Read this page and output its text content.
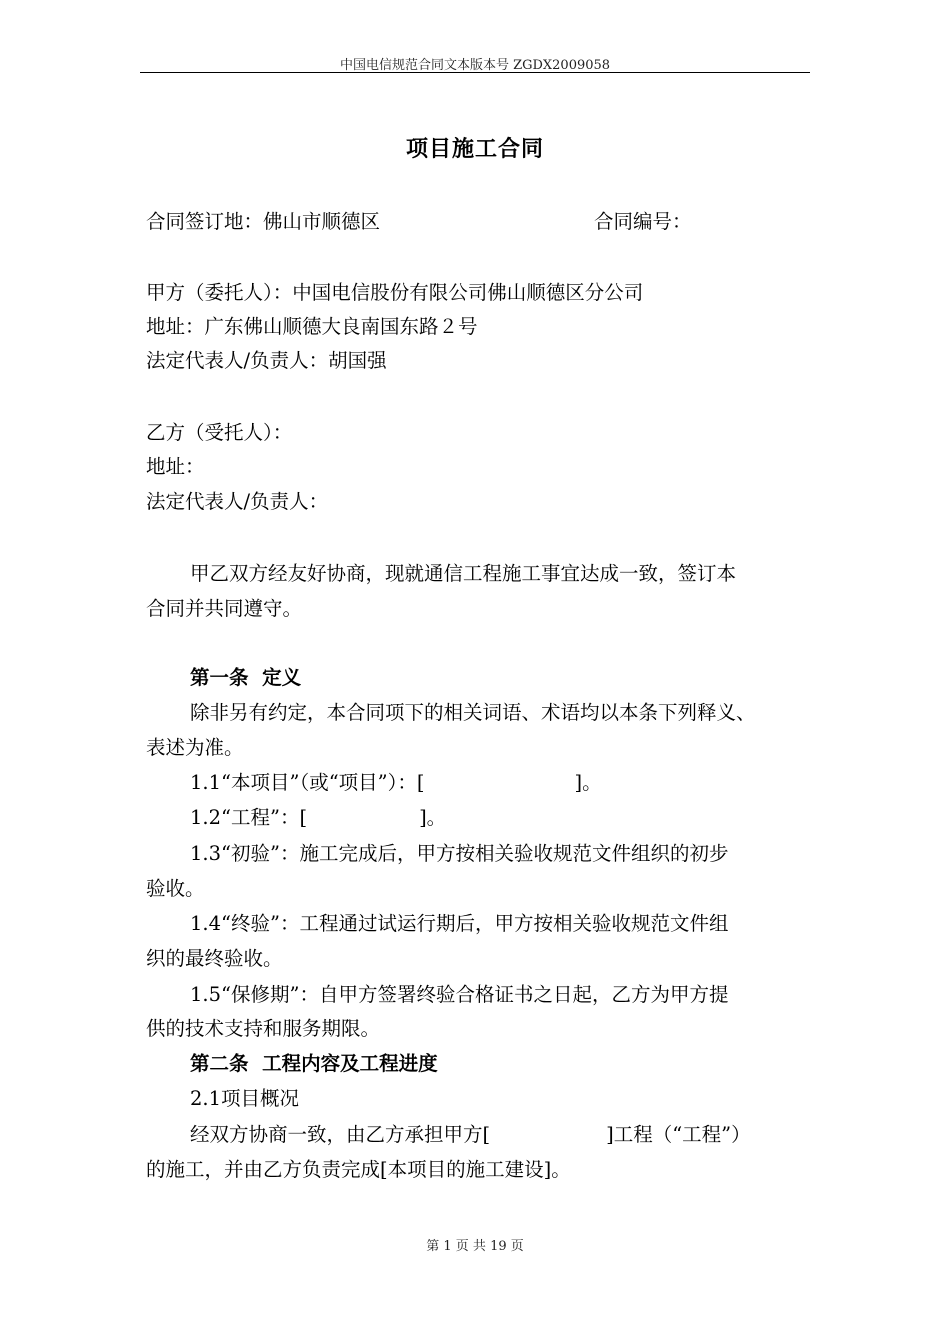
中国电信规范合同文本版本号 ZGDX2009058
项目施工合同
合同签订地：佛山市顺德区	合同编号：
甲方（委托人）：中国电信股份有限公司佛山顺德区分公司
地址：广东佛山顺德大良南国东路２号
法定代表人/负责人：胡国强
乙方（受托人）：
地址：
法定代表人/负责人：
甲乙双方经友好协商，现就通信工程施工事宜达成一致，签订本
合同并共同遵守。
第一条  定义
除非另有约定，本合同项下的相关词语、术语均以本条下列释义、
表述为准。
1.1“本项目”（或“项目”）：[	]。
1.2“工程”：[	]。
1.3“初验”：施工完成后，甲方按相关验收规范文件组织的初步
验收。
1.4“终验”：工程通过试运行期后，甲方按相关验收规范文件组
织的最终验收。
1.5“保修期”：自甲方签署终验合格证书之日起，乙方为甲方提
供的技术支持和服务期限。
第二条  工程内容及工程进度
2.1项目概况
经双方协商一致，由乙方承担甲方[	]工程（“工程”）
的施工，并由乙方负责完成[本项目的施工建设]。
第 1 页 共 19 页
